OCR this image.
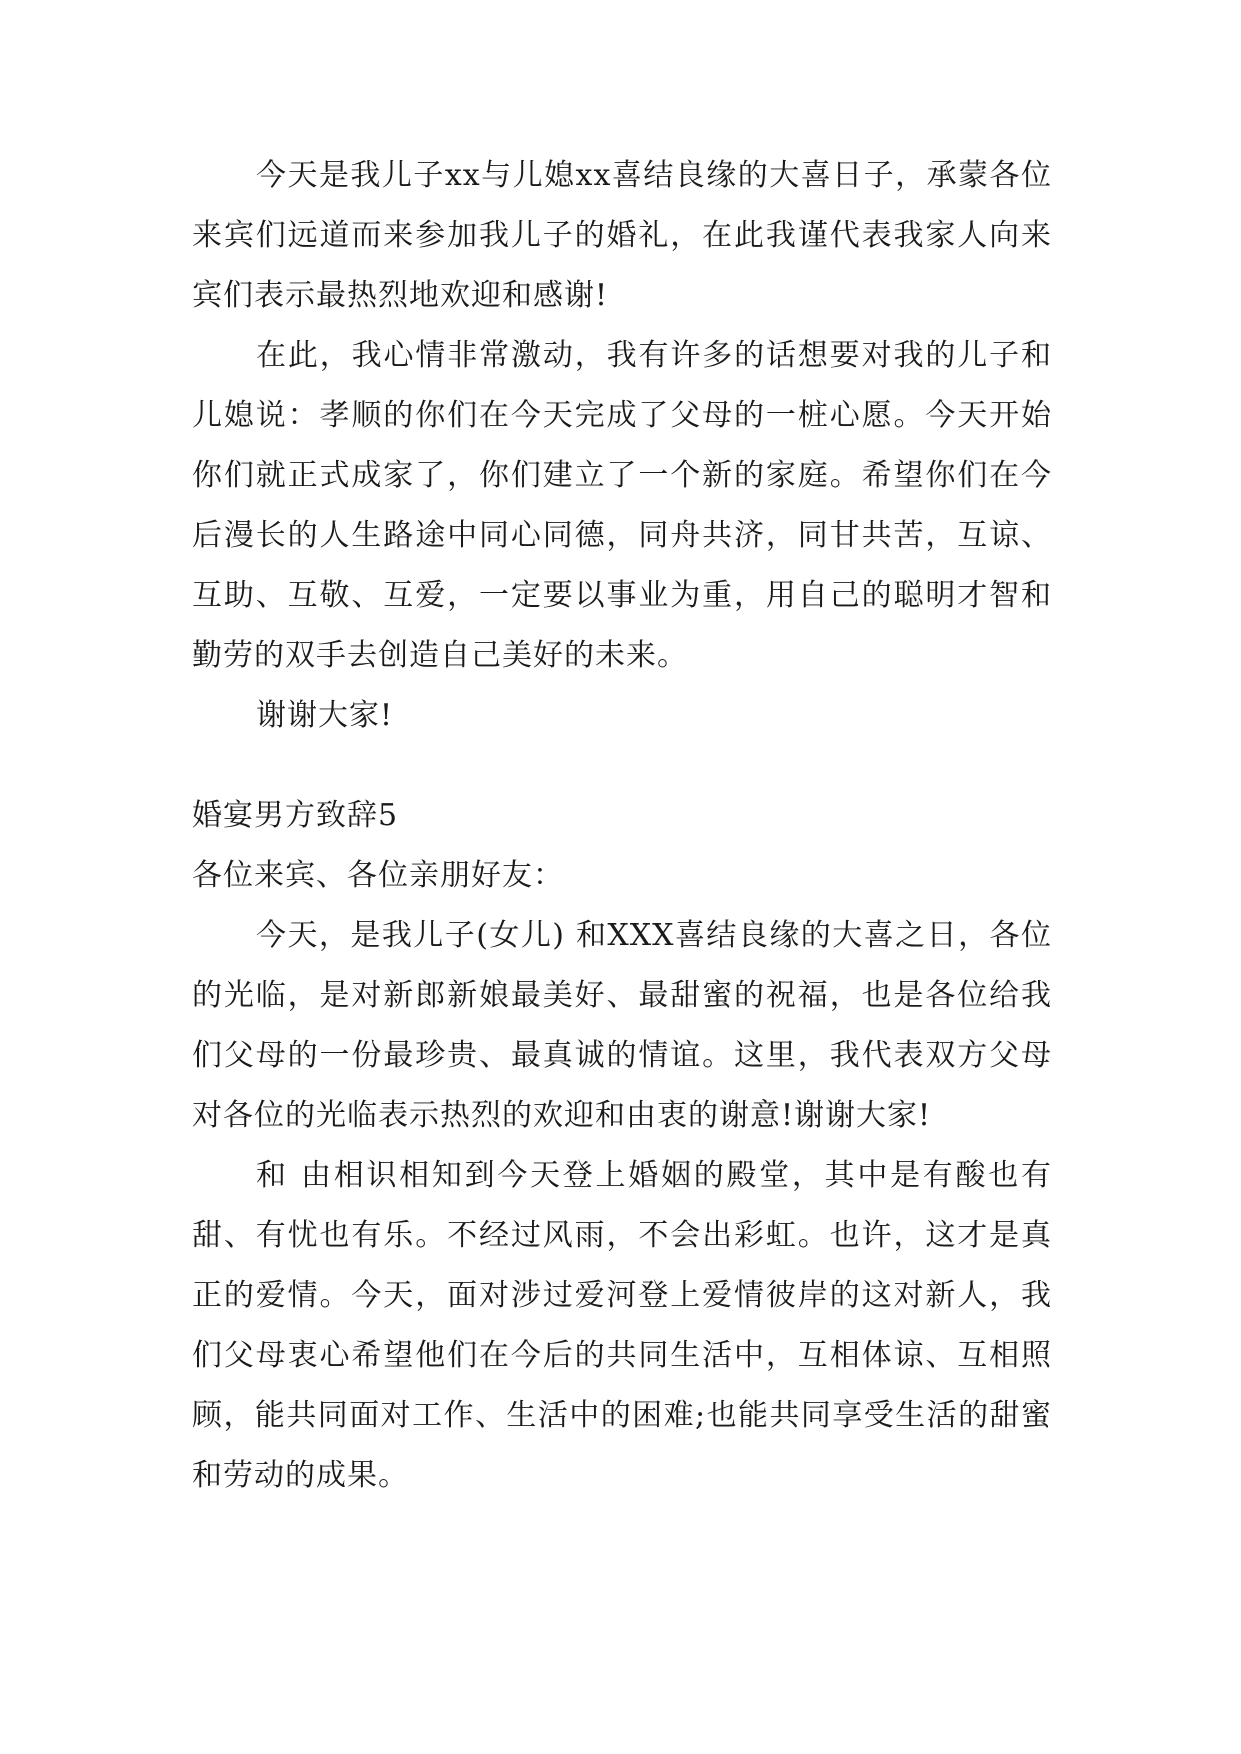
今天是我儿子xx与儿媳xx喜结良缘的大喜日子，承蒙各位来宾们远道而来参加我儿子的婚礼，在此我谨代表我家人向来宾们表示最热烈地欢迎和感谢!

在此，我心情非常激动，我有许多的话想要对我的儿子和儿媳说：孝顺的你们在今天完成了父母的一桩心愿。今天开始你们就正式成家了，你们建立了一个新的家庭。希望你们在今后漫长的人生路途中同心同德，同舟共济，同甘共苦，互谅、互助、互敬、互爱，一定要以事业为重，用自己的聪明才智和勤劳的双手去创造自己美好的未来。

谢谢大家!

婚宴男方致辞5

各位来宾、各位亲朋好友：

今天，是我儿子(女儿) 和XXX喜结良缘的大喜之日，各位的光临，是对新郎新娘最美好、最甜蜜的祝福，也是各位给我们父母的一份最珍贵、最真诚的情谊。这里，我代表双方父母对各位的光临表示热烈的欢迎和由衷的谢意!谢谢大家!

和 由相识相知到今天登上婚姻的殿堂，其中是有酸也有甜、有忧也有乐。不经过风雨，不会出彩虹。也许，这才是真正的爱情。今天，面对涉过爱河登上爱情彼岸的这对新人，我们父母衷心希望他们在今后的共同生活中，互相体谅、互相照顾，能共同面对工作、生活中的困难;也能共同享受生活的甜蜜和劳动的成果。
